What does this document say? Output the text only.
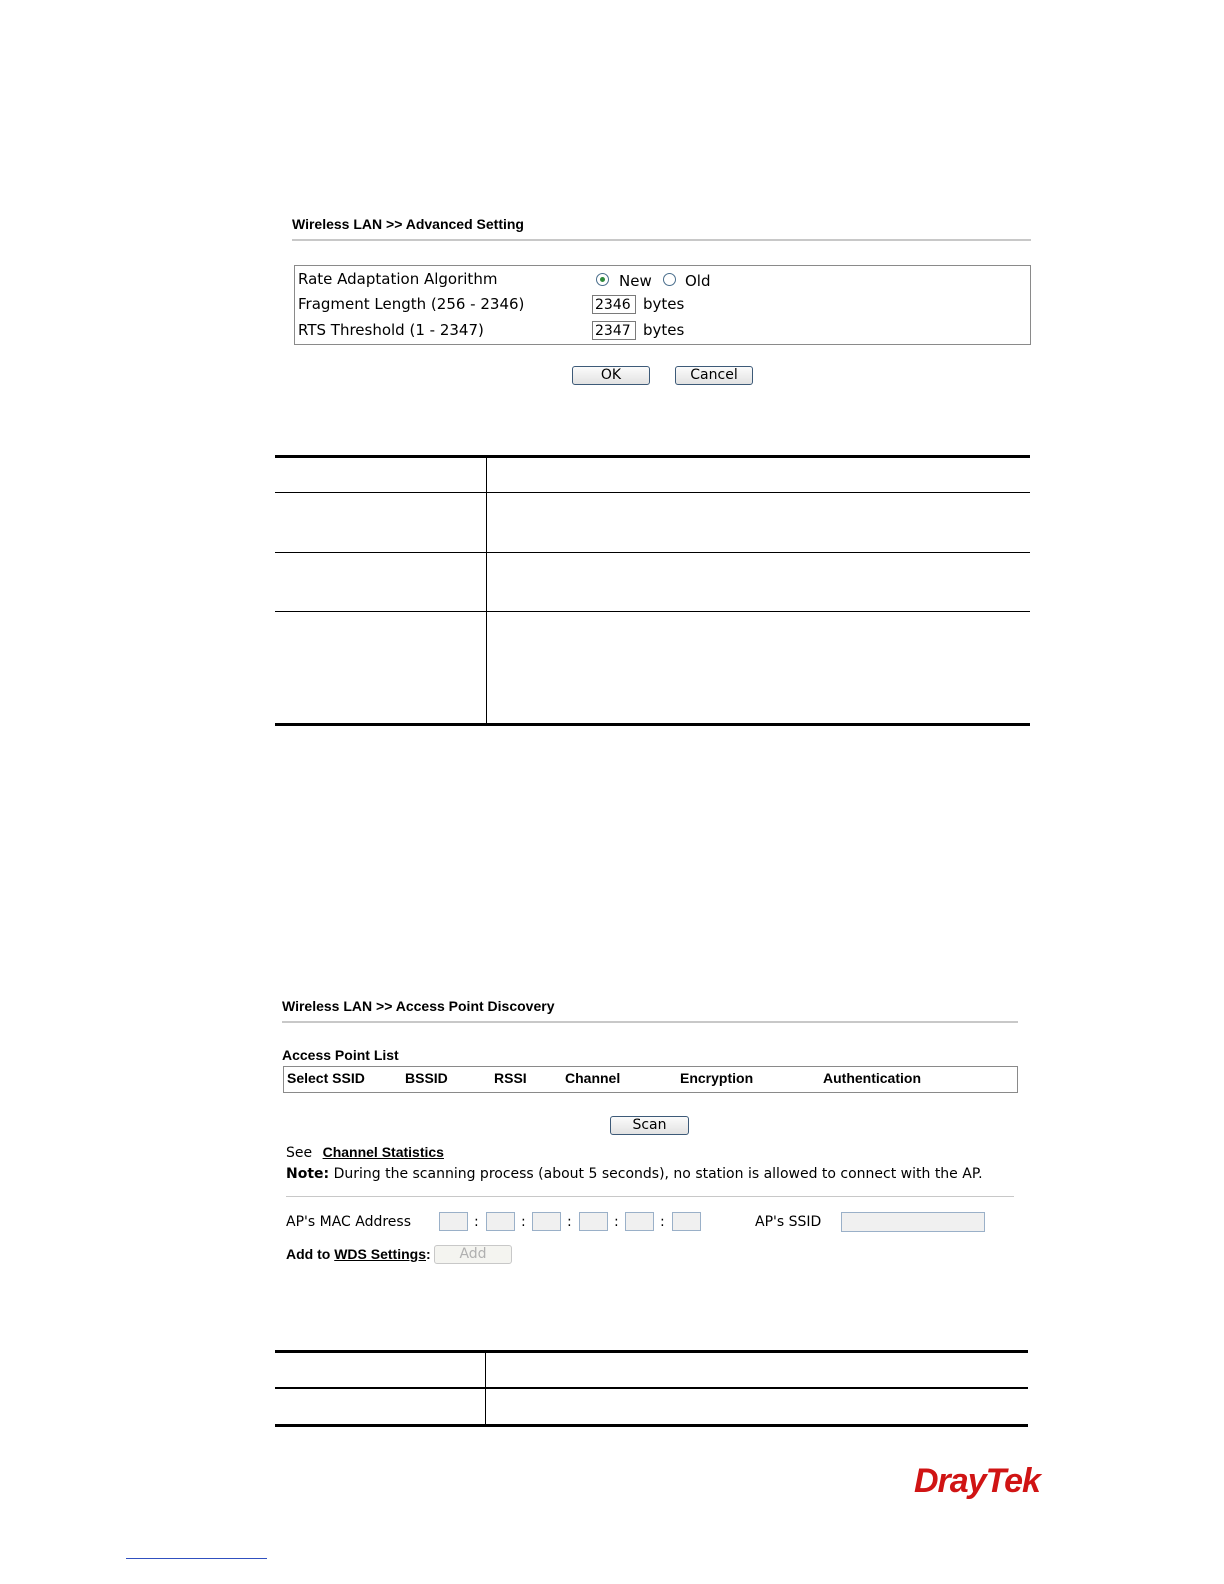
Wireless LAN >> Advanced Setting
Rate Adaptation Algorithm	New Old
Fragment Length (256 - 2346)	2346 bytes
RTS Threshold (1 - 2347)	2347 bytes
OK	Cancel
Wireless LAN >> Access Point Discovery
Access Point List
Select SSID	BSSID	RSSI	Channel	Encryption	Authentication
Scan
See Channel Statistics
Note: During the scanning process (about 5 seconds), no station is allowed to connect with the AP.
AP's MAC Address	:	:	:	:	:	AP's SSID
Add to WDS Settings:	Add
DrayTek
